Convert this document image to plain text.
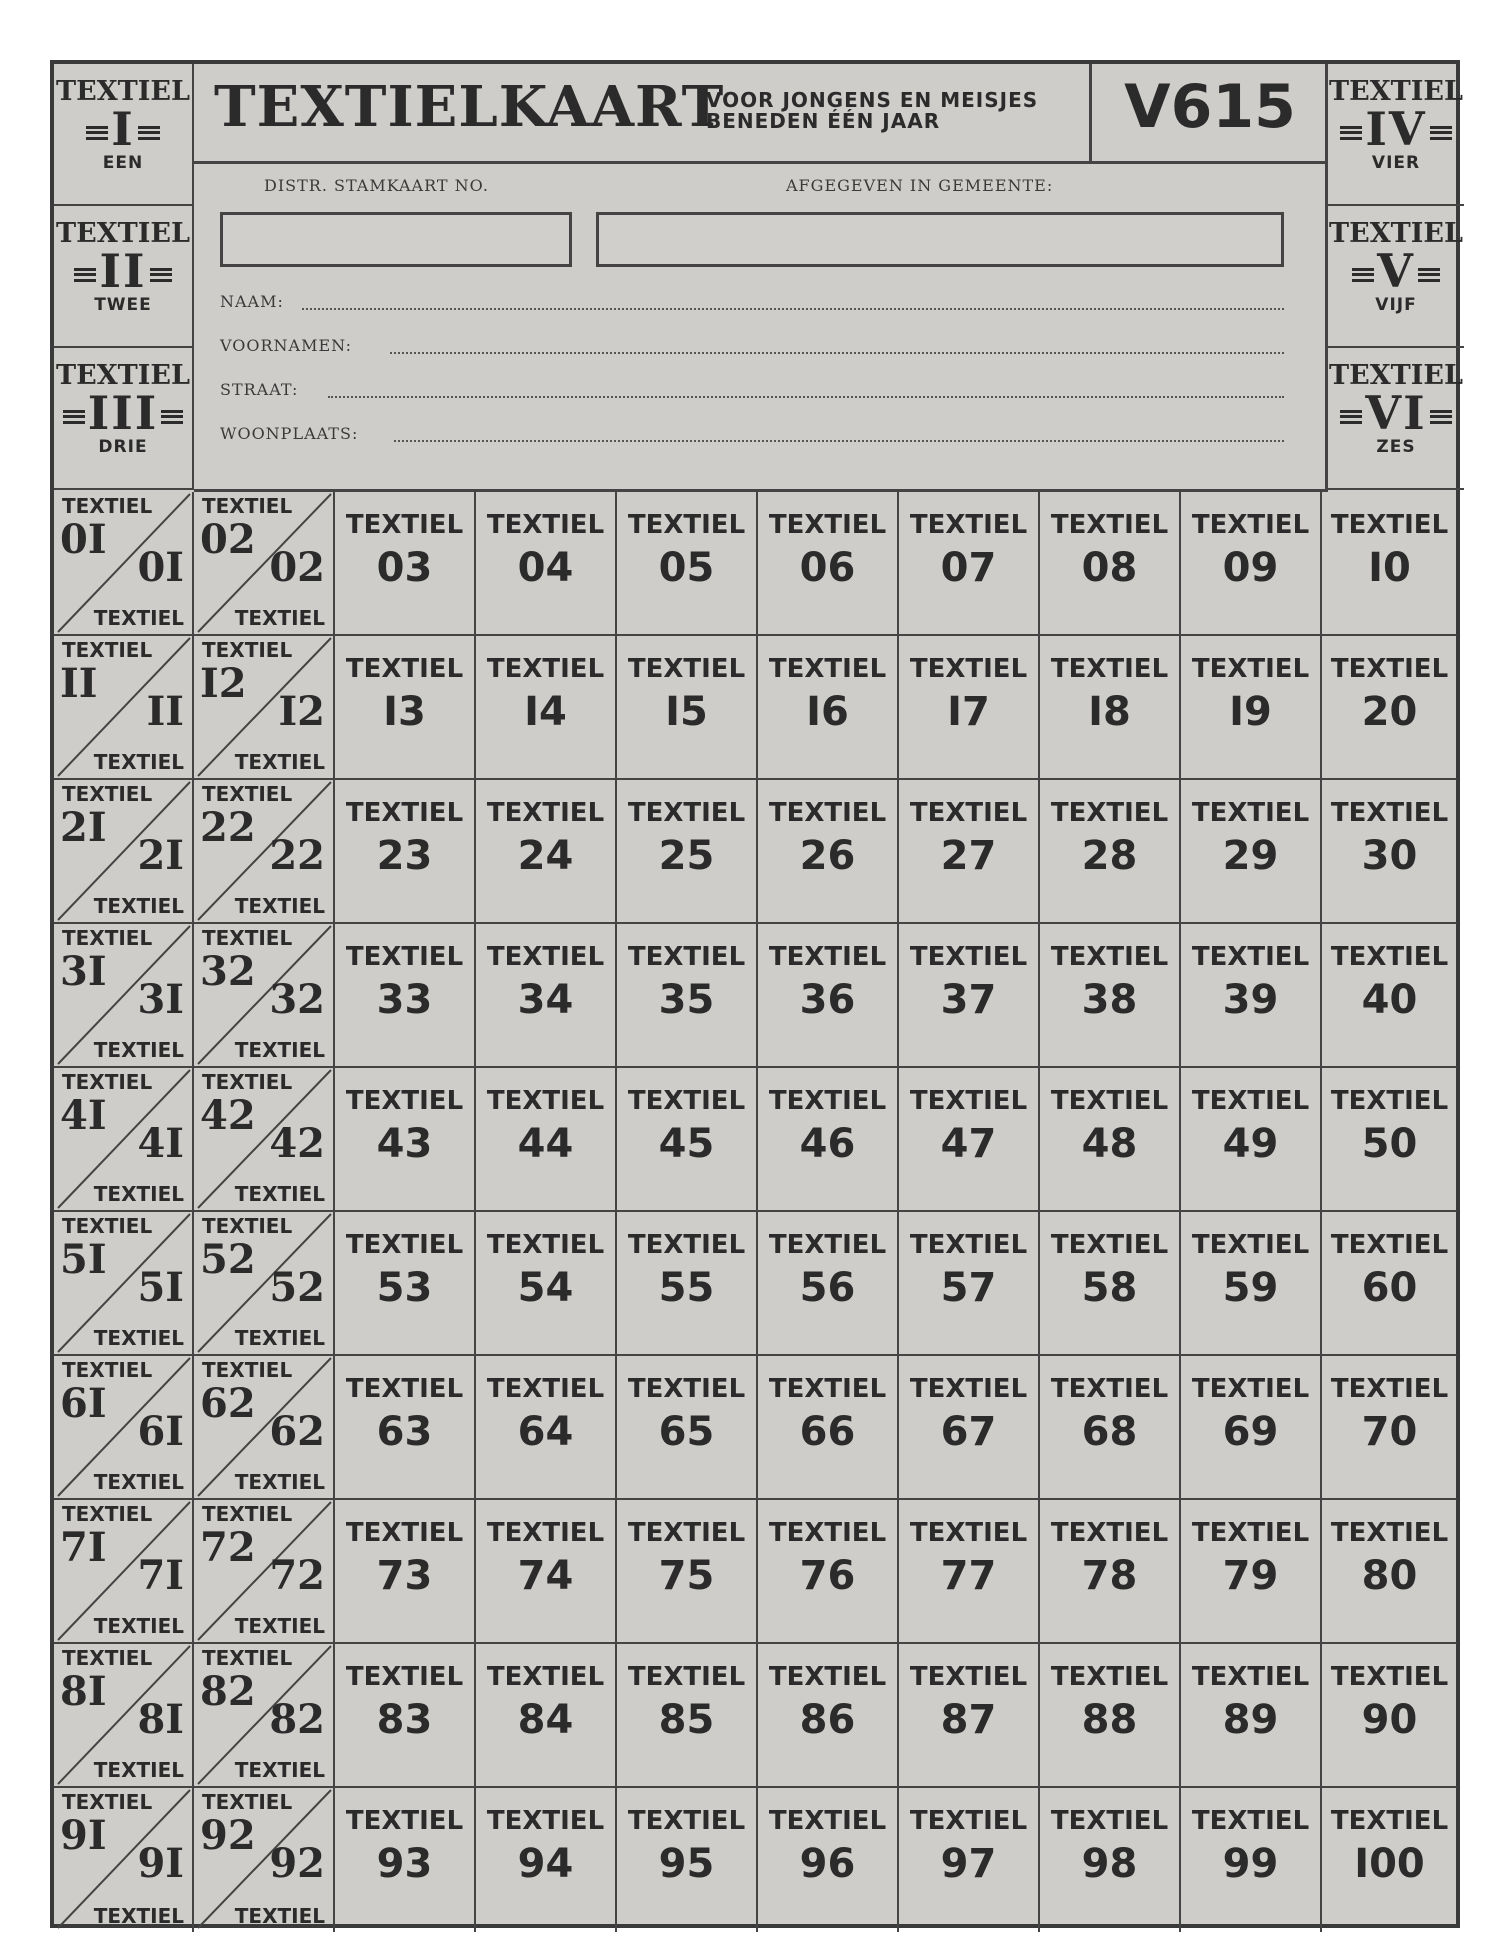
TEXTIELKAART
VOOR JONGENS EN MEISJES
BENEDEN ÉÉN JAAR	V615
DISTR. STAMKAART NO.	AFGEGEVEN IN GEMEENTE:
NAAM:
VOORNAMEN:
STRAAT:
WOONPLAATS:
TEXTIEL
I
EEN
TEXTIEL
II
TWEE
TEXTIEL
III
DRIE
TEXTIEL
IV
VIER
TEXTIEL
V
VIJF
TEXTIEL
VI
ZES
TEXTIEL
0I
0I
TEXTIEL
TEXTIEL
02
02
TEXTIEL
TEXTIEL
03
TEXTIEL
04
TEXTIEL
05
TEXTIEL
06
TEXTIEL
07
TEXTIEL
08
TEXTIEL
09
TEXTIEL
I0
TEXTIEL
II
II
TEXTIEL
TEXTIEL
I2
I2
TEXTIEL
TEXTIEL
I3
TEXTIEL
I4
TEXTIEL
I5
TEXTIEL
I6
TEXTIEL
I7
TEXTIEL
I8
TEXTIEL
I9
TEXTIEL
20
TEXTIEL
2I
2I
TEXTIEL
TEXTIEL
22
22
TEXTIEL
TEXTIEL
23
TEXTIEL
24
TEXTIEL
25
TEXTIEL
26
TEXTIEL
27
TEXTIEL
28
TEXTIEL
29
TEXTIEL
30
TEXTIEL
3I
3I
TEXTIEL
TEXTIEL
32
32
TEXTIEL
TEXTIEL
33
TEXTIEL
34
TEXTIEL
35
TEXTIEL
36
TEXTIEL
37
TEXTIEL
38
TEXTIEL
39
TEXTIEL
40
TEXTIEL
4I
4I
TEXTIEL
TEXTIEL
42
42
TEXTIEL
TEXTIEL
43
TEXTIEL
44
TEXTIEL
45
TEXTIEL
46
TEXTIEL
47
TEXTIEL
48
TEXTIEL
49
TEXTIEL
50
TEXTIEL
5I
5I
TEXTIEL
TEXTIEL
52
52
TEXTIEL
TEXTIEL
53
TEXTIEL
54
TEXTIEL
55
TEXTIEL
56
TEXTIEL
57
TEXTIEL
58
TEXTIEL
59
TEXTIEL
60
TEXTIEL
6I
6I
TEXTIEL
TEXTIEL
62
62
TEXTIEL
TEXTIEL
63
TEXTIEL
64
TEXTIEL
65
TEXTIEL
66
TEXTIEL
67
TEXTIEL
68
TEXTIEL
69
TEXTIEL
70
TEXTIEL
7I
7I
TEXTIEL
TEXTIEL
72
72
TEXTIEL
TEXTIEL
73
TEXTIEL
74
TEXTIEL
75
TEXTIEL
76
TEXTIEL
77
TEXTIEL
78
TEXTIEL
79
TEXTIEL
80
TEXTIEL
8I
8I
TEXTIEL
TEXTIEL
82
82
TEXTIEL
TEXTIEL
83
TEXTIEL
84
TEXTIEL
85
TEXTIEL
86
TEXTIEL
87
TEXTIEL
88
TEXTIEL
89
TEXTIEL
90
TEXTIEL
9I
9I
TEXTIEL
TEXTIEL
92
92
TEXTIEL
TEXTIEL
93
TEXTIEL
94
TEXTIEL
95
TEXTIEL
96
TEXTIEL
97
TEXTIEL
98
TEXTIEL
99
TEXTIEL
I00
